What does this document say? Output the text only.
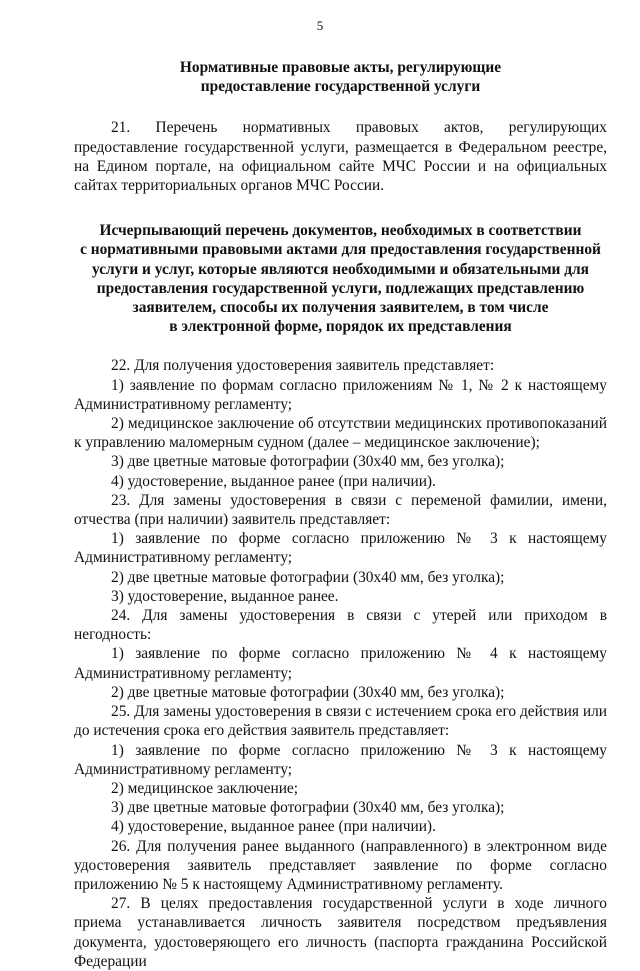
5
Нормативные правовые акты, регулирующие
предоставление государственной услуги

21. Перечень нормативных правовых актов, регулирующих предоставление государственной услуги, размещается в Федеральном реестре, на Едином портале, на официальном сайте МЧС России и на официальных сайтах территориальных органов МЧС России.

Исчерпывающий перечень документов, необходимых в соответствии
с нормативными правовыми актами для предоставления государственной
услуги и услуг, которые являются необходимыми и обязательными для
предоставления государственной услуги, подлежащих представлению
заявителем, способы их получения заявителем, в том числе
в электронной форме, порядок их представления

22. Для получения удостоверения заявитель представляет:

1) заявление по формам согласно приложениям № 1, № 2 к настоящему Административному регламенту;

2) медицинское заключение об отсутствии медицинских противопоказаний к управлению маломерным судном (далее – медицинское заключение);

3) две цветные матовые фотографии (30х40 мм, без уголка);

4) удостоверение, выданное ранее (при наличии).

23. Для замены удостоверения в связи с переменой фамилии, имени, отчества (при наличии) заявитель представляет:

1) заявление по форме согласно приложению № 3 к настоящему Административному регламенту;

2) две цветные матовые фотографии (30х40 мм, без уголка);

3) удостоверение, выданное ранее.

24. Для замены удостоверения в связи с утерей или приходом в негодность:

1) заявление по форме согласно приложению № 4 к настоящему Административному регламенту;

2) две цветные матовые фотографии (30х40 мм, без уголка);

25. Для замены удостоверения в связи с истечением срока его действия или до истечения срока его действия заявитель представляет:

1) заявление по форме согласно приложению № 3 к настоящему Административному регламенту;

2) медицинское заключение;

3) две цветные матовые фотографии (30х40 мм, без уголка);

4) удостоверение, выданное ранее (при наличии).

26. Для получения ранее выданного (направленного) в электронном виде удостоверения заявитель представляет заявление по форме согласно приложению № 5 к настоящему Административному регламенту.

27. В целях предоставления государственной услуги в ходе личного приема устанавливается личность заявителя посредством предъявления документа, удостоверяющего его личность (паспорта гражданина Российской Федерации
